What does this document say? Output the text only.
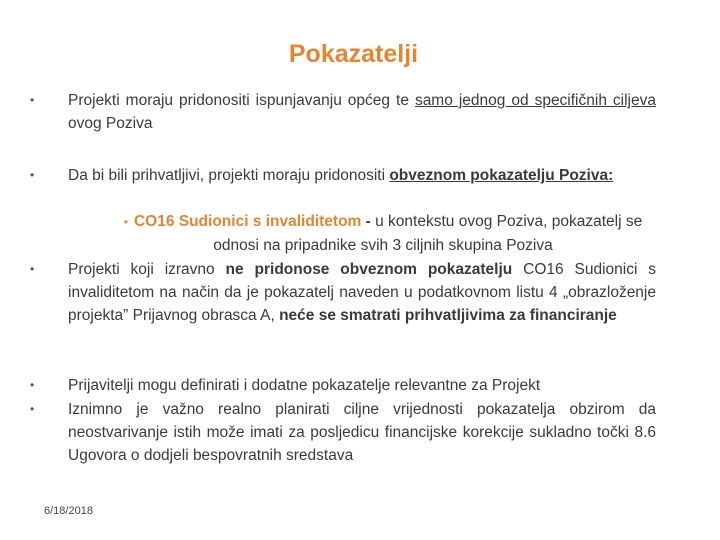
Pokazatelji
•	Projekti moraju pridonositi ispunjavanju općeg te samo jednog od specifičnih ciljeva ovog Poziva
•	Da bi bili prihvatljivi, projekti moraju pridonositi obveznom pokazatelju Poziva:
• CO16 Sudionici s invaliditetom - u kontekstu ovog Poziva, pokazatelj se odnosi na pripadnike svih 3 ciljnih skupina Poziva
•	Projekti koji izravno ne pridonose obveznom pokazatelju CO16 Sudionici s invaliditetom na način da je pokazatelj naveden u podatkovnom listu 4 „obrazloženje projekta” Prijavnog obrasca A, neće se smatrati prihvatljivima za financiranje
•	Prijavitelji mogu definirati i dodatne pokazatelje relevantne za Projekt
•	Iznimno je važno realno planirati ciljne vrijednosti pokazatelja obzirom da neostvarivanje istih može imati za posljedicu financijske korekcije sukladno točki 8.6 Ugovora o dodjeli bespovratnih sredstava
6/18/2018
